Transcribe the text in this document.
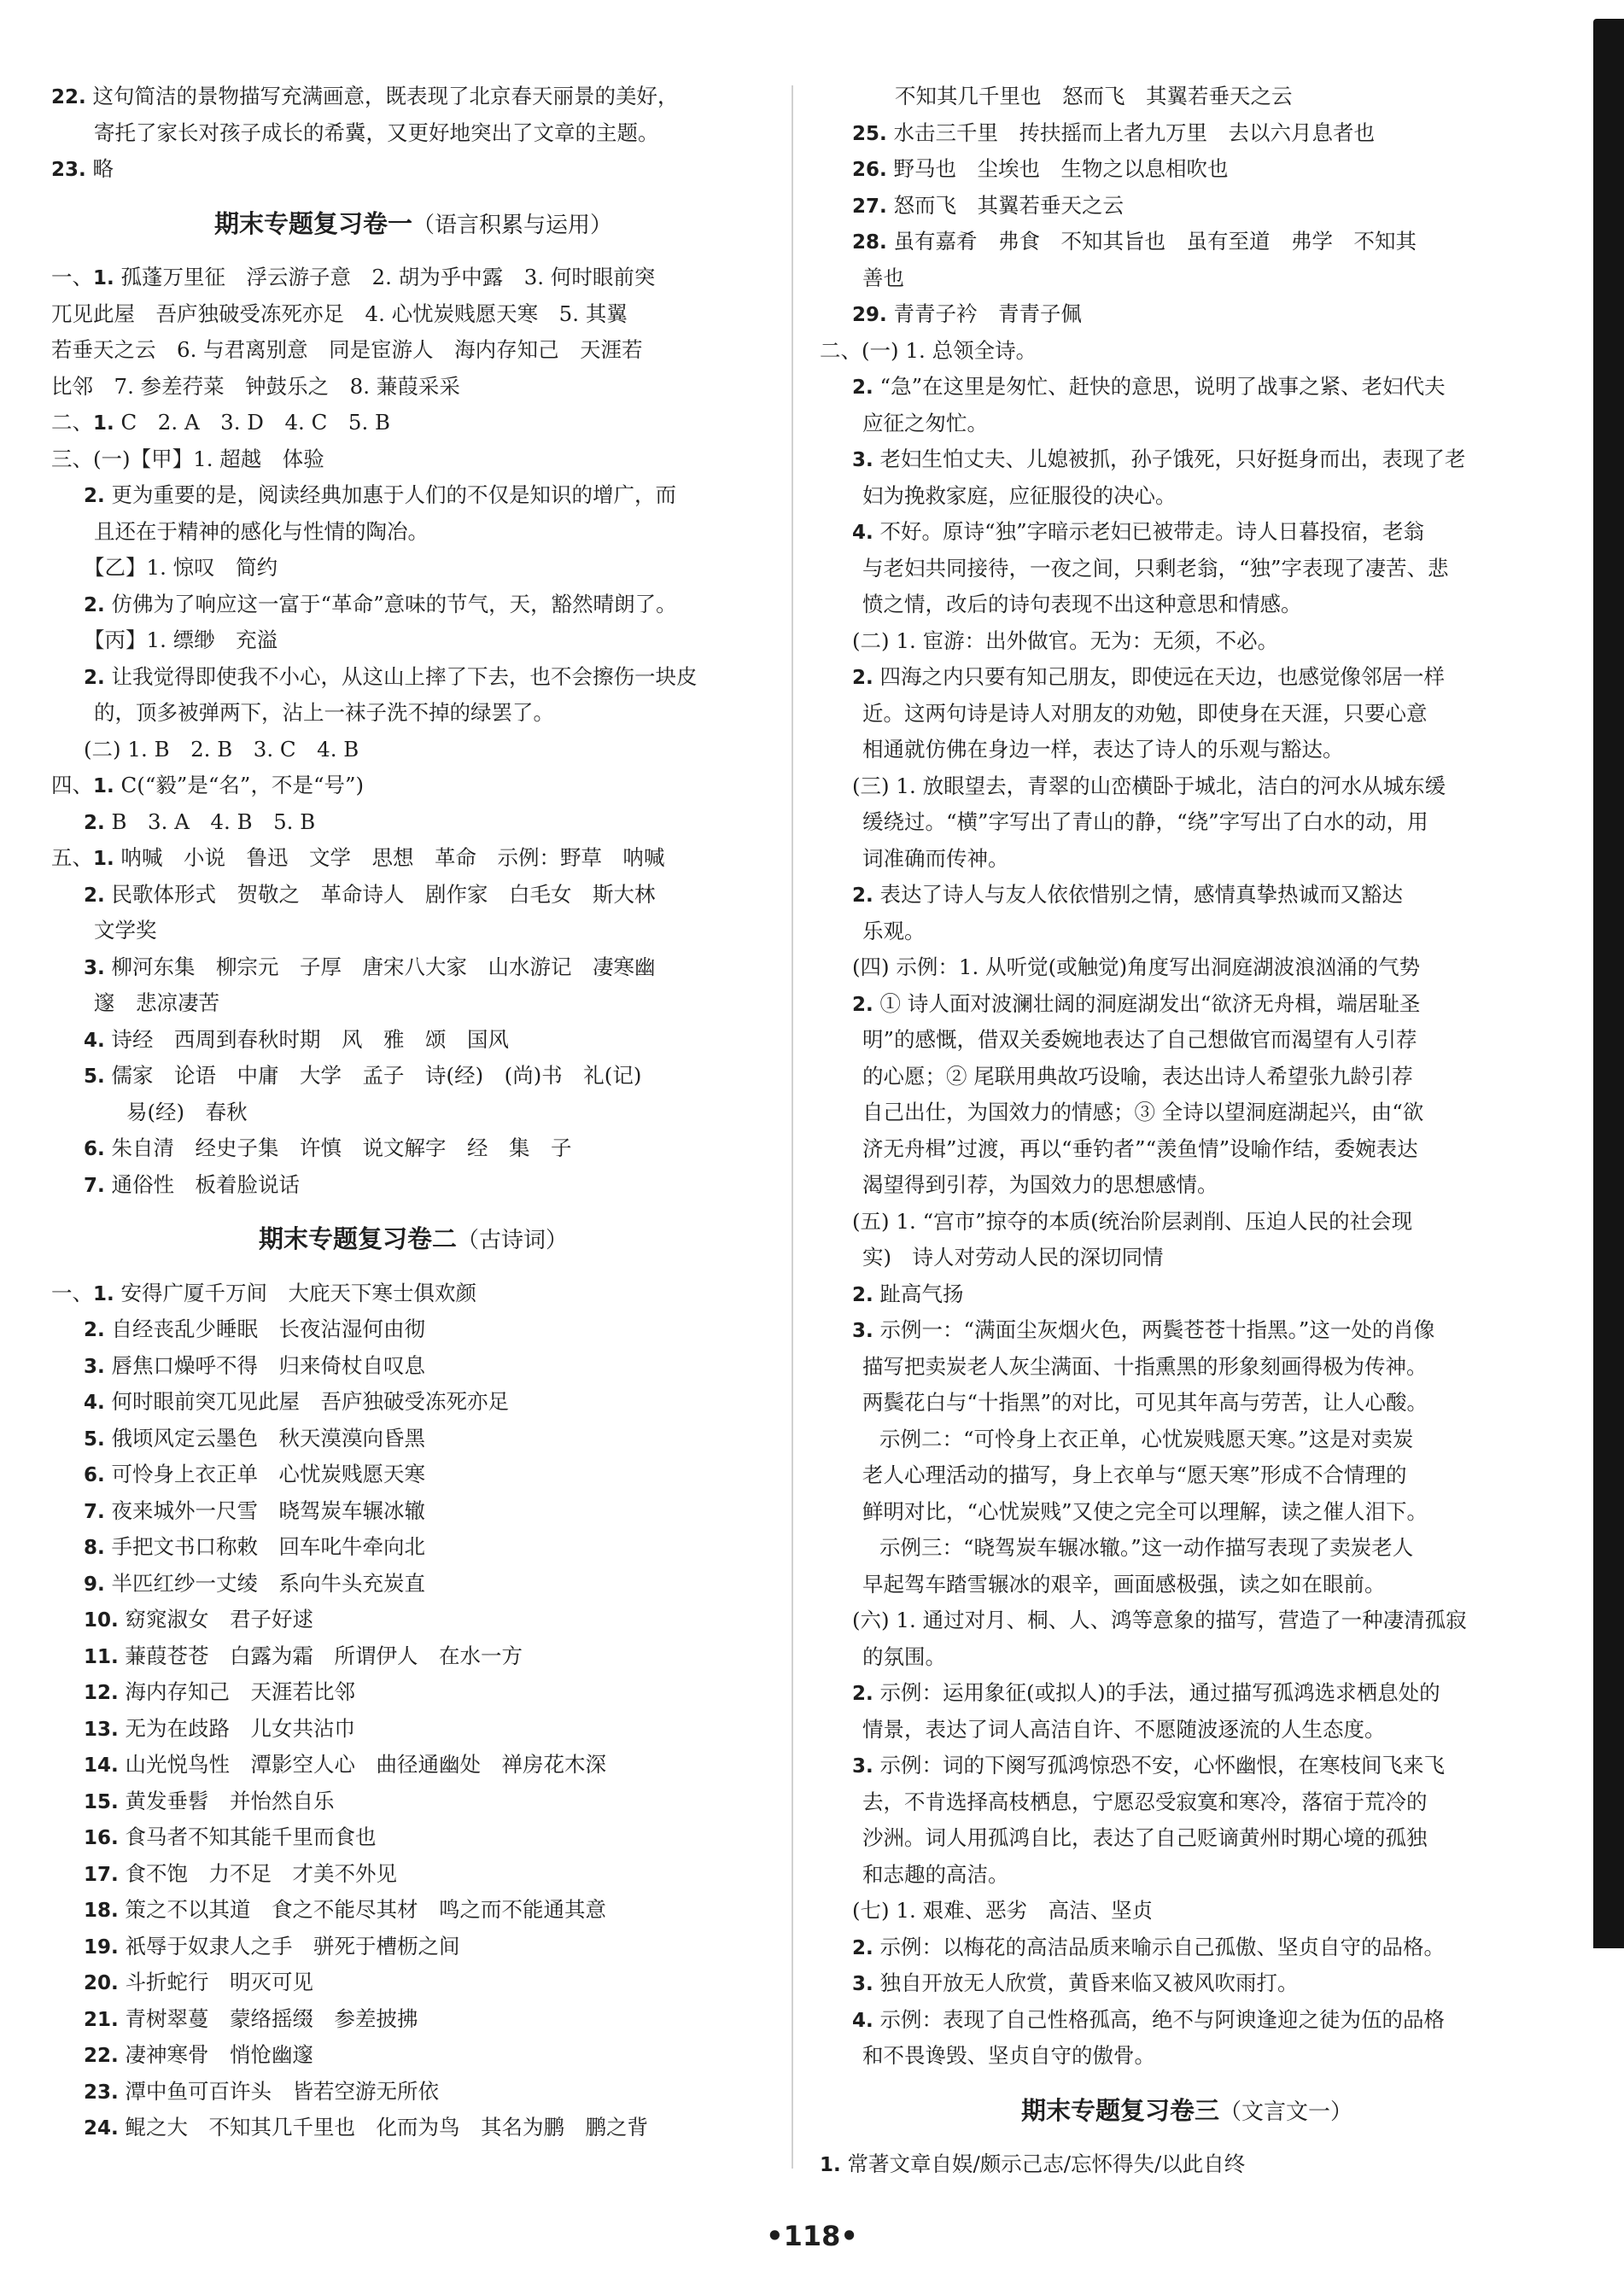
22. 这句简洁的景物描写充满画意，既表现了北京春天丽景的美好，
寄托了家长对孩子成长的希冀，又更好地突出了文章的主题。
23. 略
期末专题复习卷一（语言积累与运用）
一、1. 孤蓬万里征　浮云游子意　2. 胡为乎中露　3. 何时眼前突
兀见此屋　吾庐独破受冻死亦足　4. 心忧炭贱愿天寒　5. 其翼
若垂天之云　6. 与君离别意　同是宦游人　海内存知己　天涯若
比邻　7. 参差荇菜　钟鼓乐之　8. 蒹葭采采
二、1. C　2. A　3. D　4. C　5. B
三、(一)【甲】1. 超越　体验
2. 更为重要的是，阅读经典加惠于人们的不仅是知识的增广，而
且还在于精神的感化与性情的陶冶。
【乙】1. 惊叹　简约
2. 仿佛为了响应这一富于“革命”意味的节气，天，豁然晴朗了。
【丙】1. 缥缈　充溢
2. 让我觉得即使我不小心，从这山上摔了下去，也不会擦伤一块皮
的，顶多被弹两下，沾上一袜子洗不掉的绿罢了。
(二) 1. B　2. B　3. C　4. B
四、1. C(“毅”是“名”，不是“号”)
2. B　3. A　4. B　5. B
五、1. 呐喊　小说　鲁迅　文学　思想　革命　示例：野草　呐喊
2. 民歌体形式　贺敬之　革命诗人　剧作家　白毛女　斯大林
文学奖
3. 柳河东集　柳宗元　子厚　唐宋八大家　山水游记　凄寒幽
邃　悲凉凄苦
4. 诗经　西周到春秋时期　风　雅　颂　国风
5. 儒家　论语　中庸　大学　孟子　诗(经)　(尚)书　礼(记)
易(经)　春秋
6. 朱自清　经史子集　许慎　说文解字　经　集　子
7. 通俗性　板着脸说话
期末专题复习卷二（古诗词）
一、1. 安得广厦千万间　大庇天下寒士俱欢颜
2. 自经丧乱少睡眠　长夜沾湿何由彻
3. 唇焦口燥呼不得　归来倚杖自叹息
4. 何时眼前突兀见此屋　吾庐独破受冻死亦足
5. 俄顷风定云墨色　秋天漠漠向昏黑
6. 可怜身上衣正单　心忧炭贱愿天寒
7. 夜来城外一尺雪　晓驾炭车辗冰辙
8. 手把文书口称敕　回车叱牛牵向北
9. 半匹红纱一丈绫　系向牛头充炭直
10. 窈窕淑女　君子好逑
11. 蒹葭苍苍　白露为霜　所谓伊人　在水一方
12. 海内存知己　天涯若比邻
13. 无为在歧路　儿女共沾巾
14. 山光悦鸟性　潭影空人心　曲径通幽处　禅房花木深
15. 黄发垂髫　并怡然自乐
16. 食马者不知其能千里而食也
17. 食不饱　力不足　才美不外见
18. 策之不以其道　食之不能尽其材　鸣之而不能通其意
19. 祇辱于奴隶人之手　骈死于槽枥之间
20. 斗折蛇行　明灭可见
21. 青树翠蔓　蒙络摇缀　参差披拂
22. 凄神寒骨　悄怆幽邃
23. 潭中鱼可百许头　皆若空游无所依
24. 鲲之大　不知其几千里也　化而为鸟　其名为鹏　鹏之背
不知其几千里也　怒而飞　其翼若垂天之云
25. 水击三千里　抟扶摇而上者九万里　去以六月息者也
26. 野马也　尘埃也　生物之以息相吹也
27. 怒而飞　其翼若垂天之云
28. 虽有嘉肴　弗食　不知其旨也　虽有至道　弗学　不知其
善也
29. 青青子衿　青青子佩
二、(一) 1. 总领全诗。
2. “急”在这里是匆忙、赶快的意思，说明了战事之紧、老妇代夫
应征之匆忙。
3. 老妇生怕丈夫、儿媳被抓，孙子饿死，只好挺身而出，表现了老
妇为挽救家庭，应征服役的决心。
4. 不好。原诗“独”字暗示老妇已被带走。诗人日暮投宿，老翁
与老妇共同接待，一夜之间，只剩老翁，“独”字表现了凄苦、悲
愤之情，改后的诗句表现不出这种意思和情感。
(二) 1. 宦游：出外做官。无为：无须，不必。
2. 四海之内只要有知己朋友，即使远在天边，也感觉像邻居一样
近。这两句诗是诗人对朋友的劝勉，即使身在天涯，只要心意
相通就仿佛在身边一样，表达了诗人的乐观与豁达。
(三) 1. 放眼望去，青翠的山峦横卧于城北，洁白的河水从城东缓
缓绕过。“横”字写出了青山的静，“绕”字写出了白水的动，用
词准确而传神。
2. 表达了诗人与友人依依惜别之情，感情真挚热诚而又豁达
乐观。
(四) 示例：1. 从听觉(或触觉)角度写出洞庭湖波浪汹涌的气势
2. ① 诗人面对波澜壮阔的洞庭湖发出“欲济无舟楫，端居耻圣
明”的感慨，借双关委婉地表达了自己想做官而渴望有人引荐
的心愿；② 尾联用典故巧设喻，表达出诗人希望张九龄引荐
自己出仕，为国效力的情感；③ 全诗以望洞庭湖起兴，由“欲
济无舟楫”过渡，再以“垂钓者”“羡鱼情”设喻作结，委婉表达
渴望得到引荐，为国效力的思想感情。
(五) 1. “宫市”掠夺的本质(统治阶层剥削、压迫人民的社会现
实)　诗人对劳动人民的深切同情
2. 趾高气扬
3. 示例一：“满面尘灰烟火色，两鬓苍苍十指黑。”这一处的肖像
描写把卖炭老人灰尘满面、十指熏黑的形象刻画得极为传神。
两鬓花白与“十指黑”的对比，可见其年高与劳苦，让人心酸。
示例二：“可怜身上衣正单，心忧炭贱愿天寒。”这是对卖炭
老人心理活动的描写，身上衣单与“愿天寒”形成不合情理的
鲜明对比，“心忧炭贱”又使之完全可以理解，读之催人泪下。
示例三：“晓驾炭车辗冰辙。”这一动作描写表现了卖炭老人
早起驾车踏雪辗冰的艰辛，画面感极强，读之如在眼前。
(六) 1. 通过对月、桐、人、鸿等意象的描写，营造了一种凄清孤寂
的氛围。
2. 示例：运用象征(或拟人)的手法，通过描写孤鸿选求栖息处的
情景，表达了词人高洁自许、不愿随波逐流的人生态度。
3. 示例：词的下阕写孤鸿惊恐不安，心怀幽恨，在寒枝间飞来飞
去，不肯选择高枝栖息，宁愿忍受寂寞和寒冷，落宿于荒冷的
沙洲。词人用孤鸿自比，表达了自己贬谪黄州时期心境的孤独
和志趣的高洁。
(七) 1. 艰难、恶劣　高洁、坚贞
2. 示例：以梅花的高洁品质来喻示自己孤傲、坚贞自守的品格。
3. 独自开放无人欣赏，黄昏来临又被风吹雨打。
4. 示例：表现了自己性格孤高，绝不与阿谀逢迎之徒为伍的品格
和不畏谗毁、坚贞自守的傲骨。
期末专题复习卷三（文言文一）
1. 常著文章自娱/颇示己志/忘怀得失/以此自终
•118•
